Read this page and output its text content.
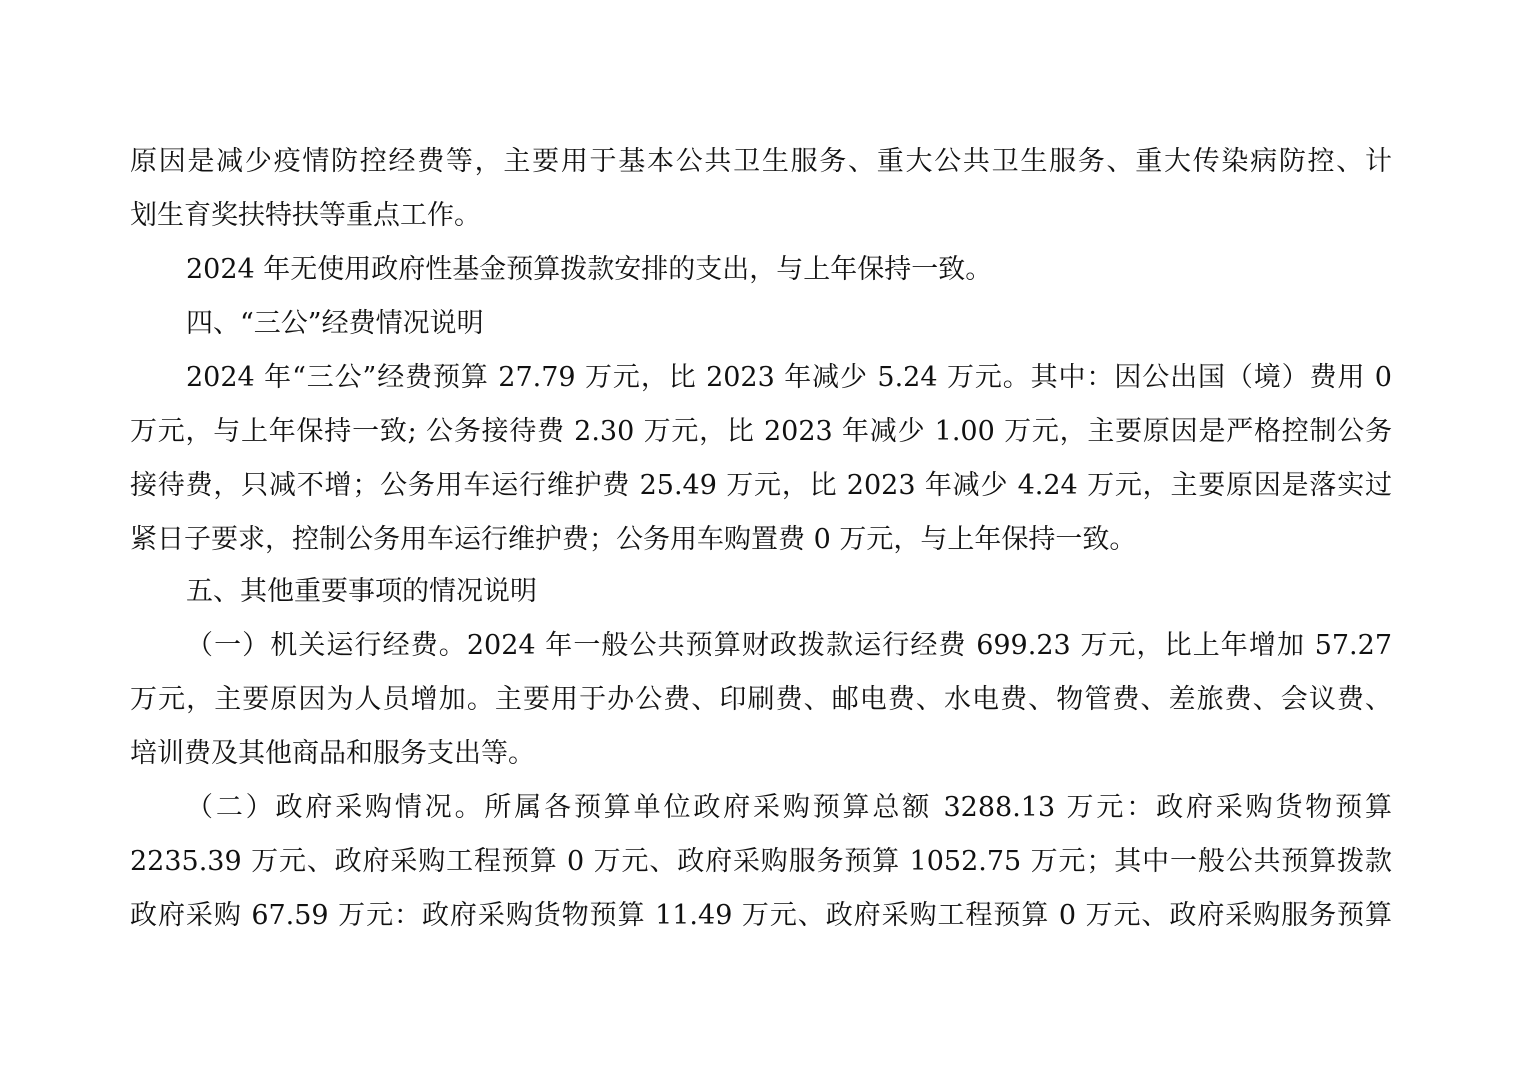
原因是减少疫情防控经费等，主要用于基本公共卫生服务、重大公共卫生服务、重大传染病防控、计
划生育奖扶特扶等重点工作。
2024 年无使用政府性基金预算拨款安排的支出，与上年保持一致。
四、“三公”经费情况说明
2024 年“三公”经费预算 27.79 万元，比 2023 年减少 5.24 万元。其中：因公出国（境）费用 0
万元，与上年保持一致; 公务接待费 2.30 万元，比 2023 年减少 1.00 万元，主要原因是严格控制公务
接待费，只减不增；公务用车运行维护费 25.49 万元，比 2023 年减少 4.24 万元，主要原因是落实过
紧日子要求，控制公务用车运行维护费；公务用车购置费 0 万元，与上年保持一致。
五、其他重要事项的情况说明
（一）机关运行经费。2024 年一般公共预算财政拨款运行经费 699.23 万元，比上年增加 57.27
万元，主要原因为人员增加。主要用于办公费、印刷费、邮电费、水电费、物管费、差旅费、会议费、
培训费及其他商品和服务支出等。
（二）政府采购情况。所属各预算单位政府采购预算总额 3288.13 万元：政府采购货物预算
2235.39 万元、政府采购工程预算 0 万元、政府采购服务预算 1052.75 万元；其中一般公共预算拨款
政府采购 67.59 万元：政府采购货物预算 11.49 万元、政府采购工程预算 0 万元、政府采购服务预算
